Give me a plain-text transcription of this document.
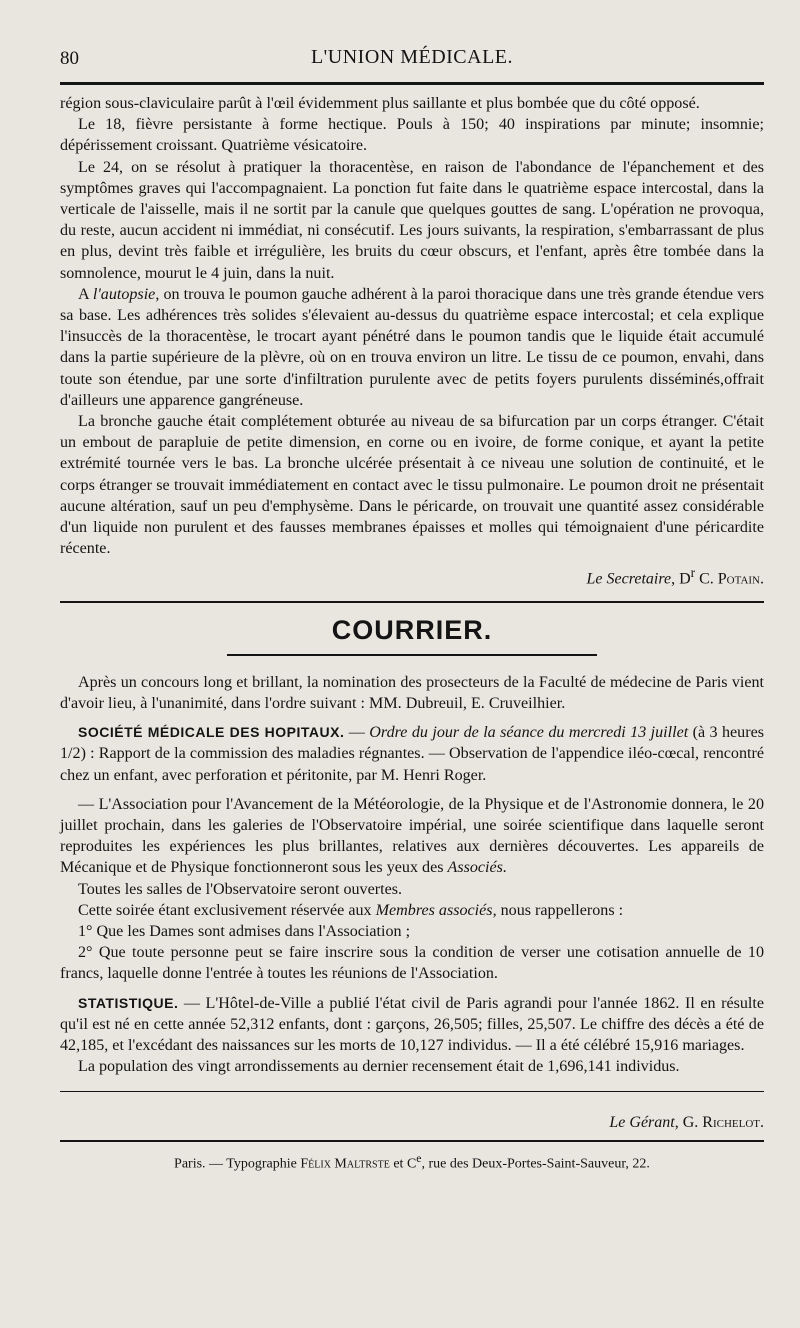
80	L'UNION MÉDICALE.

région sous-claviculaire parût à l'œil évidemment plus saillante et plus bombée que du côté opposé.

Le 18, fièvre persistante à forme hectique. Pouls à 150; 40 inspirations par minute; insomnie; dépérissement croissant. Quatrième vésicatoire.

Le 24, on se résolut à pratiquer la thoracentèse, en raison de l'abondance de l'épanchement et des symptômes graves qui l'accompagnaient. La ponction fut faite dans le quatrième espace intercostal, dans la verticale de l'aisselle, mais il ne sortit par la canule que quelques gouttes de sang. L'opération ne provoqua, du reste, aucun accident ni immédiat, ni consécutif. Les jours suivants, la respiration, s'embarrassant de plus en plus, devint très faible et irrégulière, les bruits du cœur obscurs, et l'enfant, après être tombée dans la somnolence, mourut le 4 juin, dans la nuit.

A l'autopsie, on trouva le poumon gauche adhérent à la paroi thoracique dans une très grande étendue vers sa base. Les adhérences très solides s'élevaient au-dessus du quatrième espace intercostal; et cela explique l'insuccès de la thoracentèse, le trocart ayant pénétré dans le poumon tandis que le liquide était accumulé dans la partie supérieure de la plèvre, où on en trouva environ un litre. Le tissu de ce poumon, envahi, dans toute son étendue, par une sorte d'infiltration purulente avec de petits foyers purulents disséminés,offrait d'ailleurs une apparence gangréneuse.

La bronche gauche était complétement obturée au niveau de sa bifurcation par un corps étranger. C'était un embout de parapluie de petite dimension, en corne ou en ivoire, de forme conique, et ayant la petite extrémité tournée vers le bas. La bronche ulcérée présentait à ce niveau une solution de continuité, et le corps étranger se trouvait immédiatement en contact avec le tissu pulmonaire. Le poumon droit ne présentait aucune altération, sauf un peu d'emphysème. Dans le péricarde, on trouvait une quantité assez considérable d'un liquide non purulent et des fausses membranes épaisses et molles qui témoignaient d'une péricardite récente.

Le Secretaire, $D^r$ C. Potain.
COURRIER.

Après un concours long et brillant, la nomination des prosecteurs de la Faculté de médecine de Paris vient d'avoir lieu, à l'unanimité, dans l'ordre suivant : MM. Dubreuil, E. Cruveilhier.

SOCIÉTÉ MÉDICALE DES HOPITAUX. — Ordre du jour de la séance du mercredi 13 juillet (à 3 heures 1/2) : Rapport de la commission des maladies régnantes. — Observation de l'appendice iléo-cœcal, rencontré chez un enfant, avec perforation et péritonite, par M. Henri Roger.

— L'Association pour l'Avancement de la Météorologie, de la Physique et de l'Astronomie donnera, le 20 juillet prochain, dans les galeries de l'Observatoire impérial, une soirée scientifique dans laquelle seront reproduites les expériences les plus brillantes, relatives aux dernières découvertes. Les appareils de Mécanique et de Physique fonctionneront sous les yeux des Associés.

Toutes les salles de l'Observatoire seront ouvertes.

Cette soirée étant exclusivement réservée aux Membres associés, nous rappellerons :

1° Que les Dames sont admises dans l'Association ;

2° Que toute personne peut se faire inscrire sous la condition de verser une cotisation annuelle de 10 francs, laquelle donne l'entrée à toutes les réunions de l'Association.

STATISTIQUE. — L'Hôtel-de-Ville a publié l'état civil de Paris agrandi pour l'année 1862. Il en résulte qu'il est né en cette année 52,312 enfants, dont : garçons, 26,505; filles, 25,507. Le chiffre des décès a été de 42,185, et l'excédant des naissances sur les morts de 10,127 individus. — Il a été célébré 15,916 mariages.

La population des vingt arrondissements au dernier recensement était de 1,696,141 individus.

Le Gérant, G. Richelot.
Paris. — Typographie Félix Maltrste et Ce, rue des Deux-Portes-Saint-Sauveur, 22.
